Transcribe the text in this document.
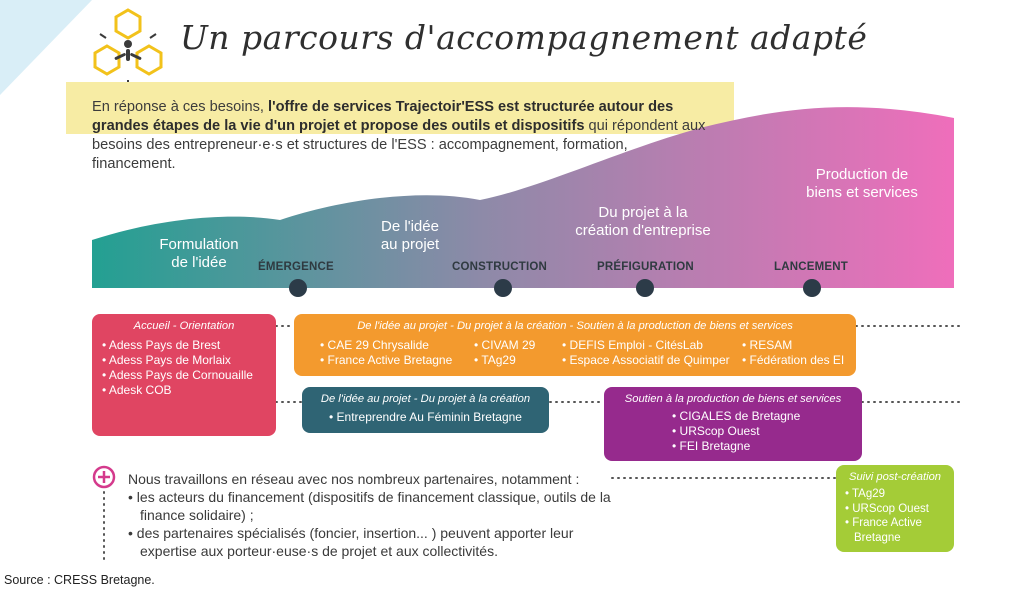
Un parcours d'accompagnement adapté
En réponse à ces besoins, l'offre de services Trajectoir'ESS est structurée autour des grandes étapes de la vie d'un projet et propose des outils et dispositifs qui répondent aux besoins des entrepreneur·e·s et structures de l'ESS : accompagnement, formation, financement.
Formulation
de l'idée
De l'idée
au projet
Du projet à la
création d'entreprise
Production de
biens et services
ÉMERGENCE	CONSTRUCTION	PRÉFIGURATION	LANCEMENT
Accueil - Orientation
• Adess Pays de Brest
• Adess Pays de Morlaix
• Adess Pays de Cornouaille
• Adesk COB
De l'idée au projet - Du projet à la création - Soutien à la production de biens et services
• CAE 29 Chrysalide
• France Active Bretagne
• CIVAM 29
• TAg29
• DEFIS Emploi - CitésLab
• Espace Associatif de Quimper
• RESAM
• Fédération des EI
De l'idée au projet - Du projet à la création
• Entreprendre Au Féminin Bretagne
Soutien à la production de biens et services
• CIGALES de Bretagne
• URScop Ouest
• FEI Bretagne
Suivi post-création
• TAg29
• URScop Ouest
• France Active
Bretagne
Nous travaillons en réseau avec nos nombreux partenaires, notamment :
• les acteurs du financement (dispositifs de financement classique, outils de la finance solidaire) ;
• des partenaires spécialisés (foncier, insertion... ) peuvent apporter leur expertise aux porteur·euse·s de projet et aux collectivités.
Source : CRESS Bretagne.
